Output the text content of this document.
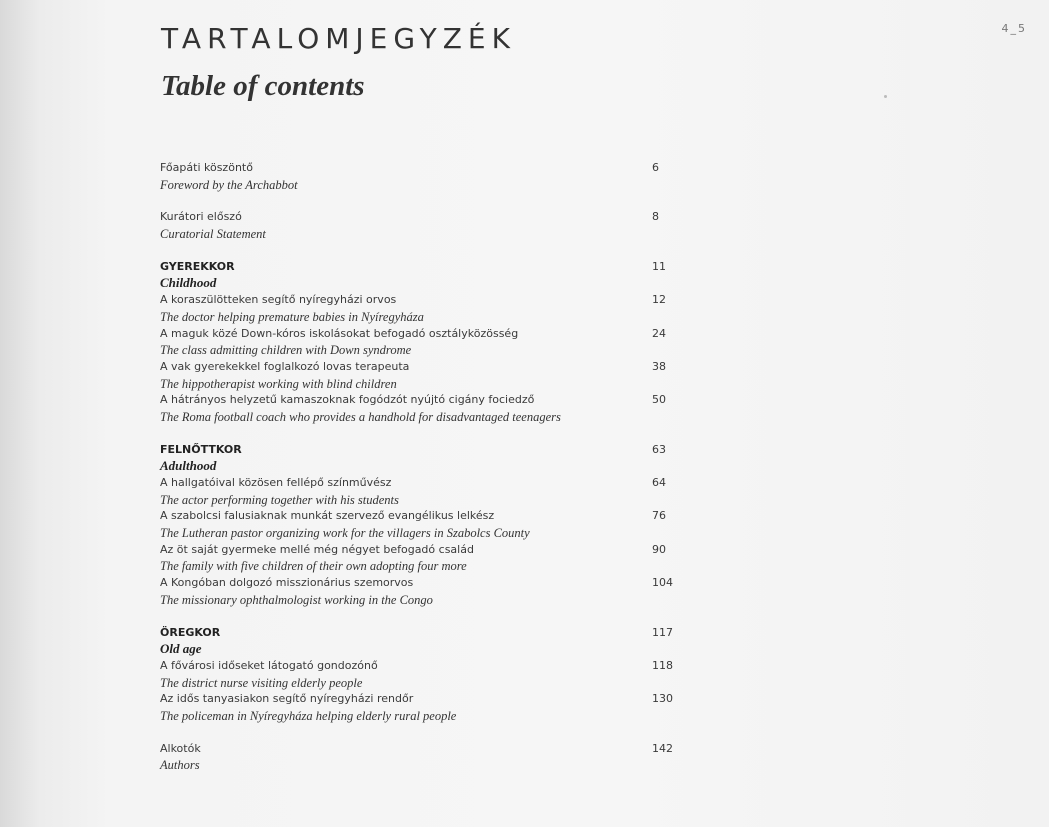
4_5
TARTALOMJEGYZÉK
Table of contents
Főapáti köszöntő	6
Foreword by the Archabbot
Kurátori előszó	8
Curatorial Statement
GYEREKKOR	11
Childhood
A koraszülötteken segítő nyíregyházi orvos	12
The doctor helping premature babies in Nyíregyháza
A maguk közé Down-kóros iskolásokat befogadó osztályközösség	24
The class admitting children with Down syndrome
A vak gyerekekkel foglalkozó lovas terapeuta	38
The hippotherapist working with blind children
A hátrányos helyzetű kamaszoknak fogódzót nyújtó cigány fociedző	50
The Roma football coach who provides a handhold for disadvantaged teenagers
FELNŐTTKOR	63
Adulthood
A hallgatóival közösen fellépő színművész	64
The actor performing together with his students
A szabolcsi falusiaknak munkát szervező evangélikus lelkész	76
The Lutheran pastor organizing work for the villagers in Szabolcs County
Az öt saját gyermeke mellé még négyet befogadó család	90
The family with five children of their own adopting four more
A Kongóban dolgozó misszionárius szemorvos	104
The missionary ophthalmologist working in the Congo
ÖREGKOR	117
Old age
A fővárosi időseket látogató gondozónő	118
The district nurse visiting elderly people
Az idős tanyasiakon segítő nyíregyházi rendőr	130
The policeman in Nyíregyháza helping elderly rural people
Alkotók	142
Authors
